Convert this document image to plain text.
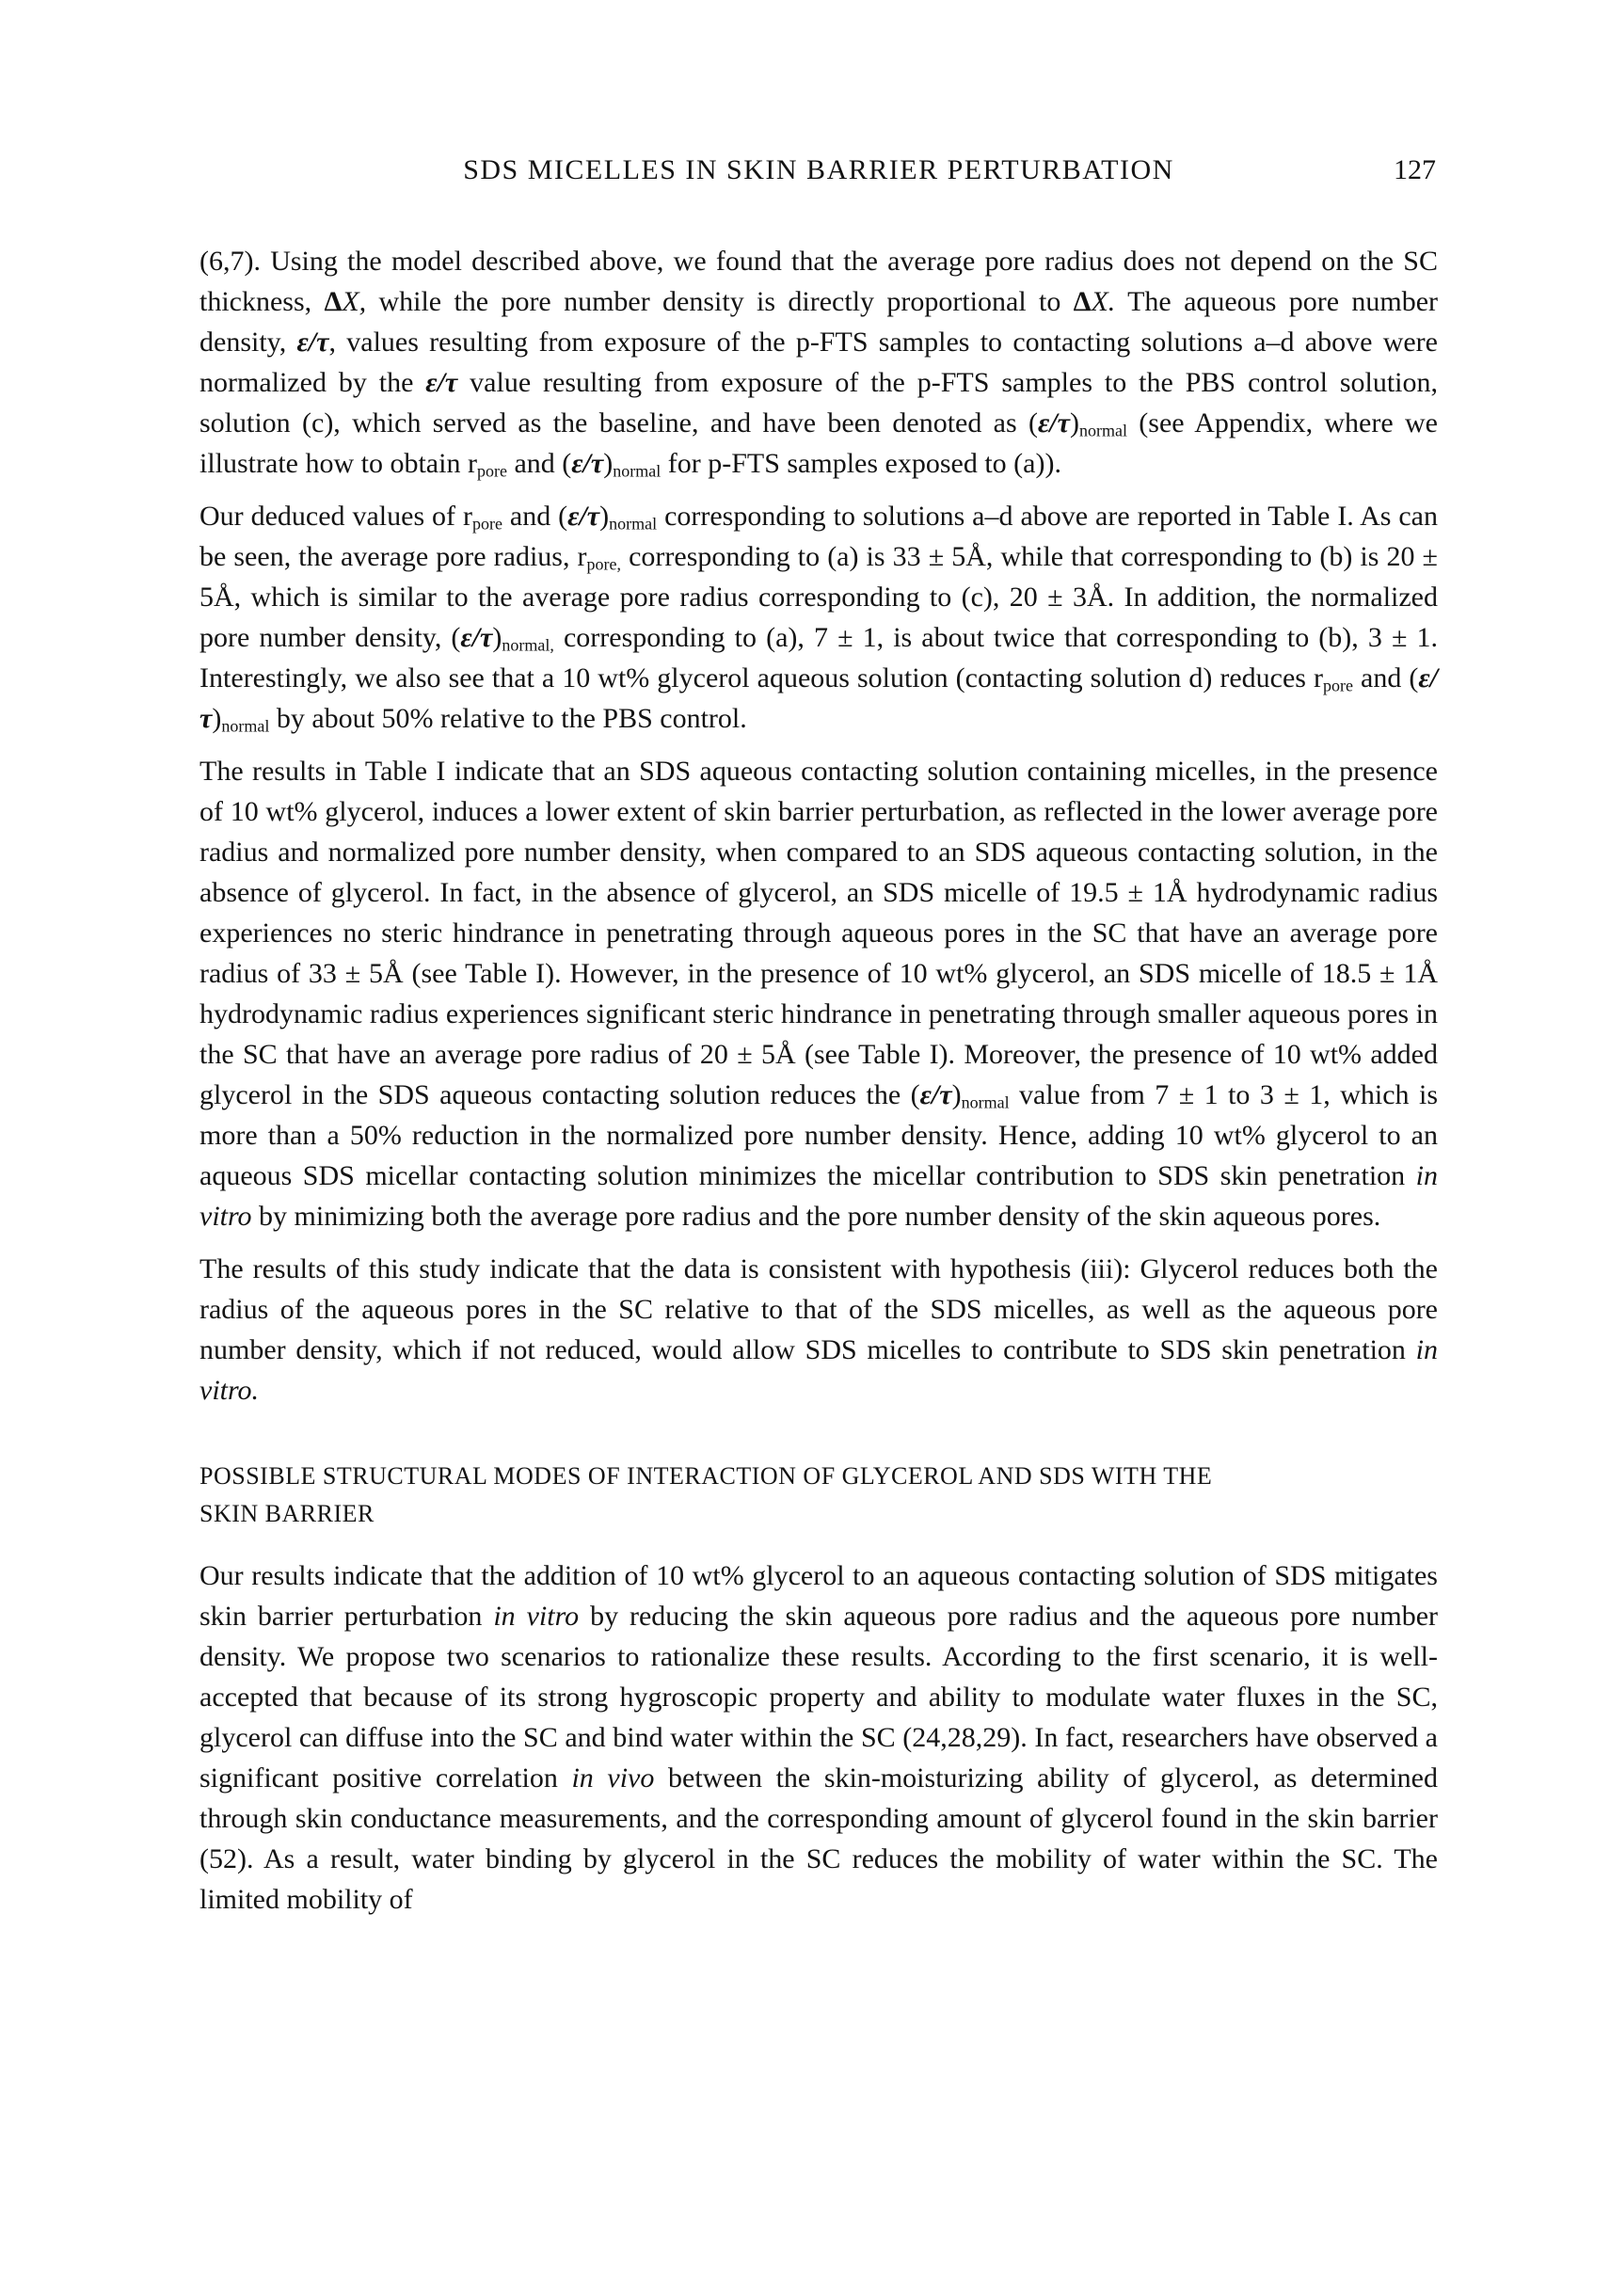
SDS MICELLES IN SKIN BARRIER PERTURBATION	127

(6,7). Using the model described above, we found that the average pore radius does not depend on the SC thickness, ΔX, while the pore number density is directly proportional to ΔX. The aqueous pore number density, ε/τ, values resulting from exposure of the p-FTS samples to contacting solutions a–d above were normalized by the ε/τ value resulting from exposure of the p-FTS samples to the PBS control solution, solution (c), which served as the baseline, and have been denoted as (ε/τ)normal (see Appendix, where we illustrate how to obtain rpore and (ε/τ)normal for p-FTS samples exposed to (a)).

Our deduced values of rpore and (ε/τ)normal corresponding to solutions a–d above are reported in Table I. As can be seen, the average pore radius, rpore, corresponding to (a) is 33 ± 5Å, while that corresponding to (b) is 20 ± 5Å, which is similar to the average pore radius corresponding to (c), 20 ± 3Å. In addition, the normalized pore number density, (ε/τ)normal, corresponding to (a), 7 ± 1, is about twice that corresponding to (b), 3 ± 1. Interestingly, we also see that a 10 wt% glycerol aqueous solution (contacting solution d) reduces rpore and (ε/τ)normal by about 50% relative to the PBS control.

The results in Table I indicate that an SDS aqueous contacting solution containing micelles, in the presence of 10 wt% glycerol, induces a lower extent of skin barrier perturbation, as reflected in the lower average pore radius and normalized pore number density, when compared to an SDS aqueous contacting solution, in the absence of glycerol. In fact, in the absence of glycerol, an SDS micelle of 19.5 ± 1Å hydrodynamic radius experiences no steric hindrance in penetrating through aqueous pores in the SC that have an average pore radius of 33 ± 5Å (see Table I). However, in the presence of 10 wt% glycerol, an SDS micelle of 18.5 ± 1Å hydrodynamic radius experiences significant steric hindrance in penetrating through smaller aqueous pores in the SC that have an average pore radius of 20 ± 5Å (see Table I). Moreover, the presence of 10 wt% added glycerol in the SDS aqueous contacting solution reduces the (ε/τ)normal value from 7 ± 1 to 3 ± 1, which is more than a 50% reduction in the normalized pore number density. Hence, adding 10 wt% glycerol to an aqueous SDS micellar contacting solution minimizes the micellar contribution to SDS skin penetration in vitro by minimizing both the average pore radius and the pore number density of the skin aqueous pores.

The results of this study indicate that the data is consistent with hypothesis (iii): Glycerol reduces both the radius of the aqueous pores in the SC relative to that of the SDS micelles, as well as the aqueous pore number density, which if not reduced, would allow SDS micelles to contribute to SDS skin penetration in vitro.

POSSIBLE STRUCTURAL MODES OF INTERACTION OF GLYCEROL AND SDS WITH THE
SKIN BARRIER

Our results indicate that the addition of 10 wt% glycerol to an aqueous contacting solution of SDS mitigates skin barrier perturbation in vitro by reducing the skin aqueous pore radius and the aqueous pore number density. We propose two scenarios to rationalize these results. According to the first scenario, it is well-accepted that because of its strong hygroscopic property and ability to modulate water fluxes in the SC, glycerol can diffuse into the SC and bind water within the SC (24,28,29). In fact, researchers have observed a significant positive correlation in vivo between the skin-moisturizing ability of glycerol, as determined through skin conductance measurements, and the corresponding amount of glycerol found in the skin barrier (52). As a result, water binding by glycerol in the SC reduces the mobility of water within the SC. The limited mobility of
